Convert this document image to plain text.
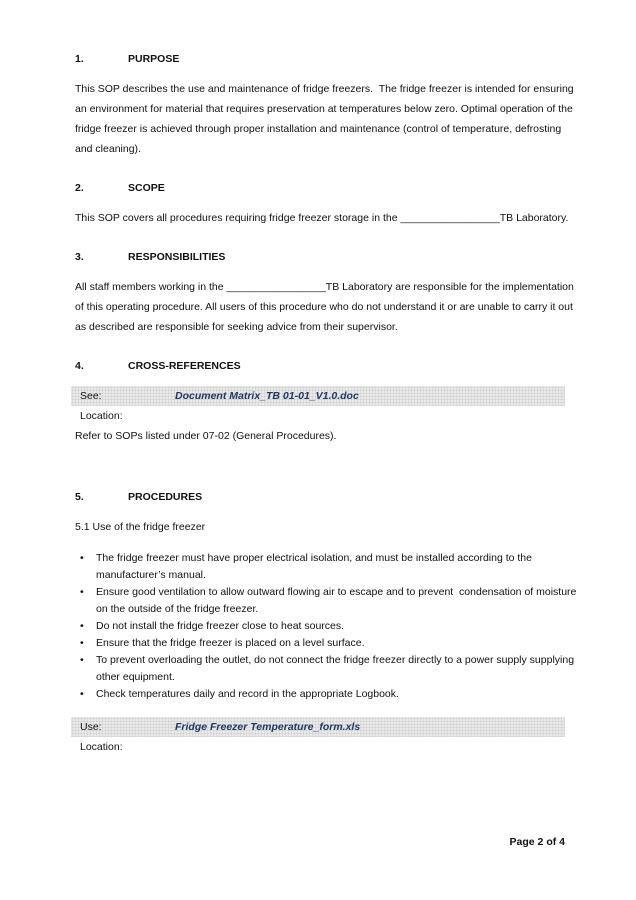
1.	PURPOSE

This SOP describes the use and maintenance of fridge freezers.  The fridge freezer is intended for ensuring an environment for material that requires preservation at temperatures below zero. Optimal operation of the fridge freezer is achieved through proper installation and maintenance (control of temperature, defrosting and cleaning).

2.	SCOPE

This SOP covers all procedures requiring fridge freezer storage in the _________________TB Laboratory.

3.	RESPONSIBILITIES

All staff members working in the _________________TB Laboratory are responsible for the implementation of this operating procedure. All users of this procedure who do not understand it or are unable to carry it out as described are responsible for seeking advice from their supervisor.

4.	CROSS-REFERENCES
See:	Document Matrix_TB 01-01_V1.0.doc
Location:

Refer to SOPs listed under 07-02 (General Procedures).

5.	PROCEDURES

5.1 Use of the fridge freezer

• The fridge freezer must have proper electrical isolation, and must be installed according to the manufacturer’s manual.
• Ensure good ventilation to allow outward flowing air to escape and to prevent  condensation of moisture on the outside of the fridge freezer.
• Do not install the fridge freezer close to heat sources.
• Ensure that the fridge freezer is placed on a level surface.
• To prevent overloading the outlet, do not connect the fridge freezer directly to a power supply supplying other equipment.
• Check temperatures daily and record in the appropriate Logbook.
Use:	Fridge Freezer Temperature_form.xls
Location:
Page 2 of 4
